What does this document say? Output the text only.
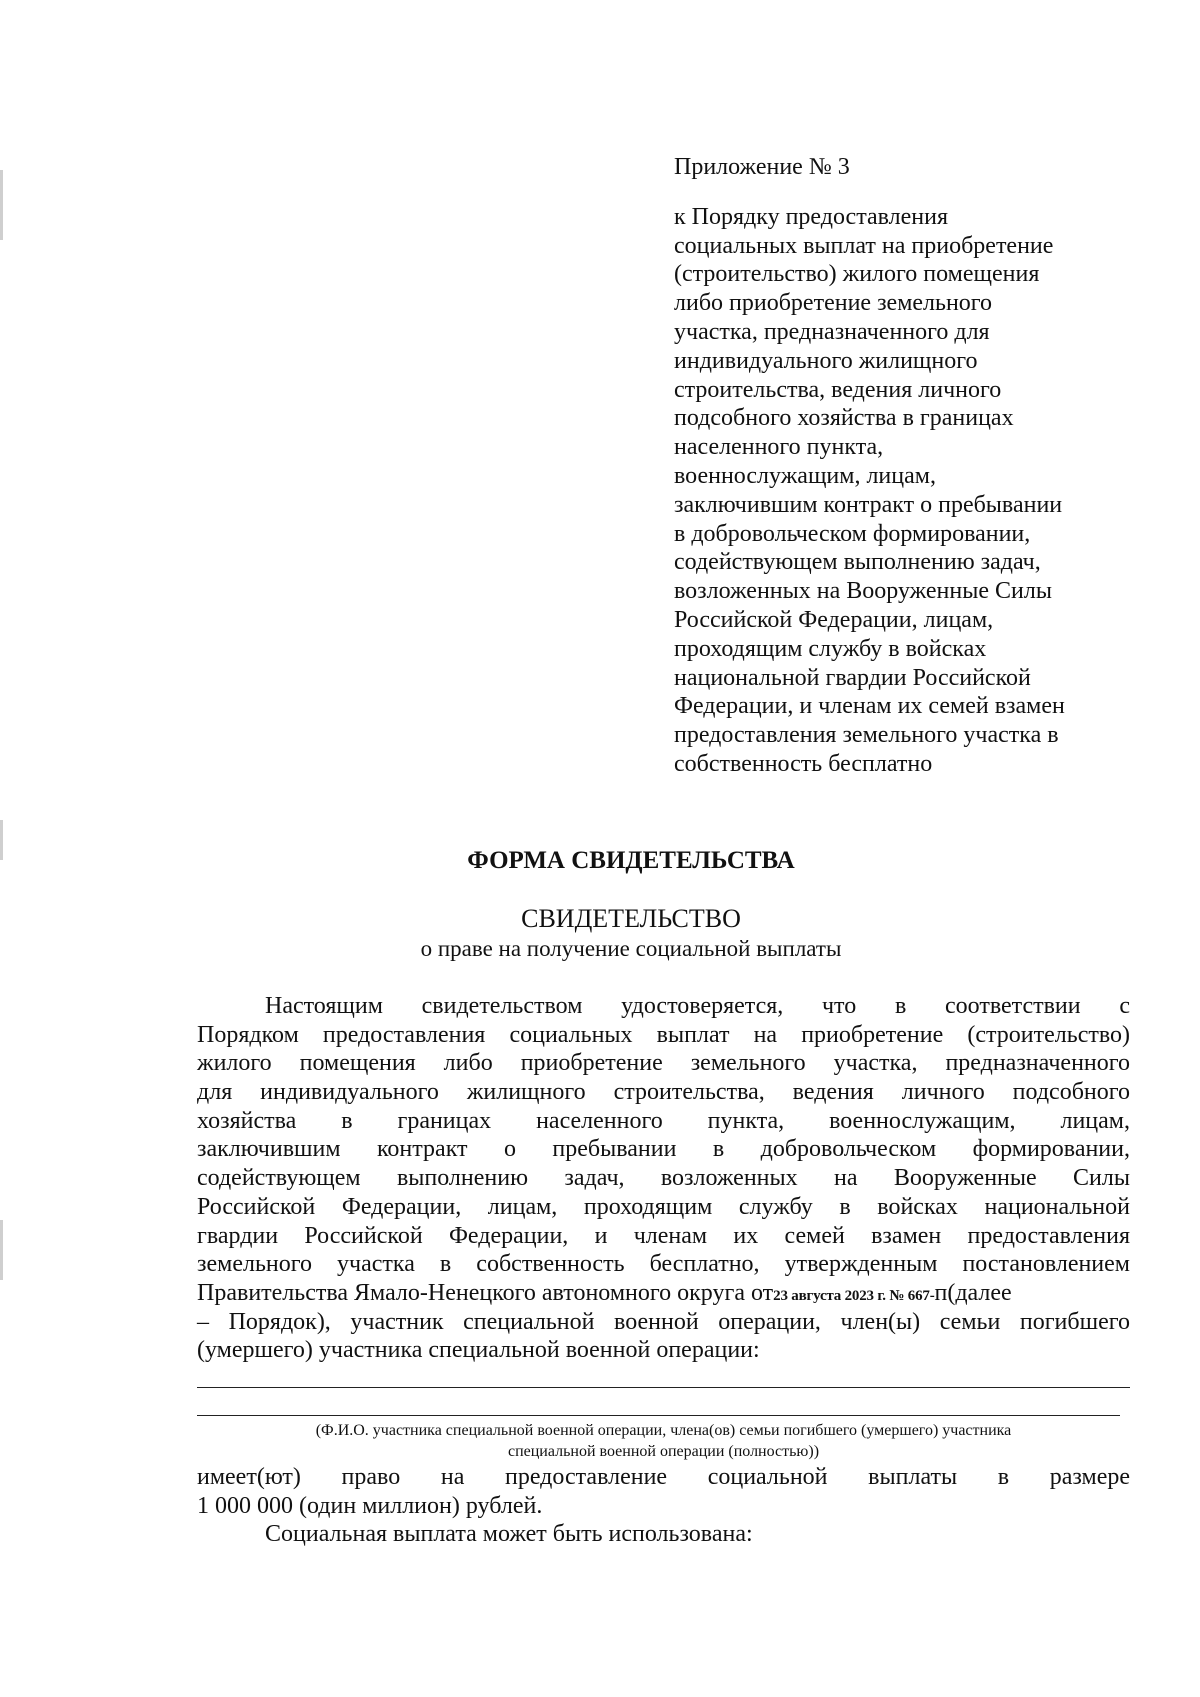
Приложение № 3
к Порядку предоставления
социальных выплат на приобретение
(строительство) жилого помещения
либо приобретение земельного
участка, предназначенного для
индивидуального жилищного
строительства, ведения личного
подсобного хозяйства в границах
населенного пункта,
военнослужащим, лицам,
заключившим контракт о пребывании
в добровольческом формировании,
содействующем выполнению задач,
возложенных на Вооруженные Силы
Российской Федерации, лицам,
проходящим службу в войсках
национальной гвардии Российской
Федерации, и членам их семей взамен
предоставления земельного участка в
собственность бесплатно
ФОРМА СВИДЕТЕЛЬСТВА
СВИДЕТЕЛЬСТВО
о праве на получение социальной выплаты
Настоящим свидетельством удостоверяется, что в соответствии с
Порядком предоставления социальных выплат на приобретение (строительство)
жилого помещения либо приобретение земельного участка, предназначенного
для индивидуального жилищного строительства, ведения личного подсобного
хозяйства в границах населенного пункта, военнослужащим, лицам,
заключившим контракт о пребывании в добровольческом формировании,
содействующем выполнению задач, возложенных на Вооруженные Силы
Российской Федерации, лицам, проходящим службу в войсках национальной
гвардии Российской Федерации, и членам их семей взамен предоставления
земельного участка в собственность бесплатно, утвержденным постановлением
Правительства Ямало-Ненецкого автономного округа от23 августа 2023 г. № 667-п(далее
– Порядок), участник специальной военной операции, член(ы) семьи погибшего
(умершего) участника специальной военной операции:
(Ф.И.О. участника специальной военной операции, члена(ов) семьи погибшего (умершего) участника
специальной военной операции (полностью))
имеет(ют) право на предоставление социальной выплаты в размере
1 000 000 (один миллион) рублей.
Социальная выплата может быть использована:
